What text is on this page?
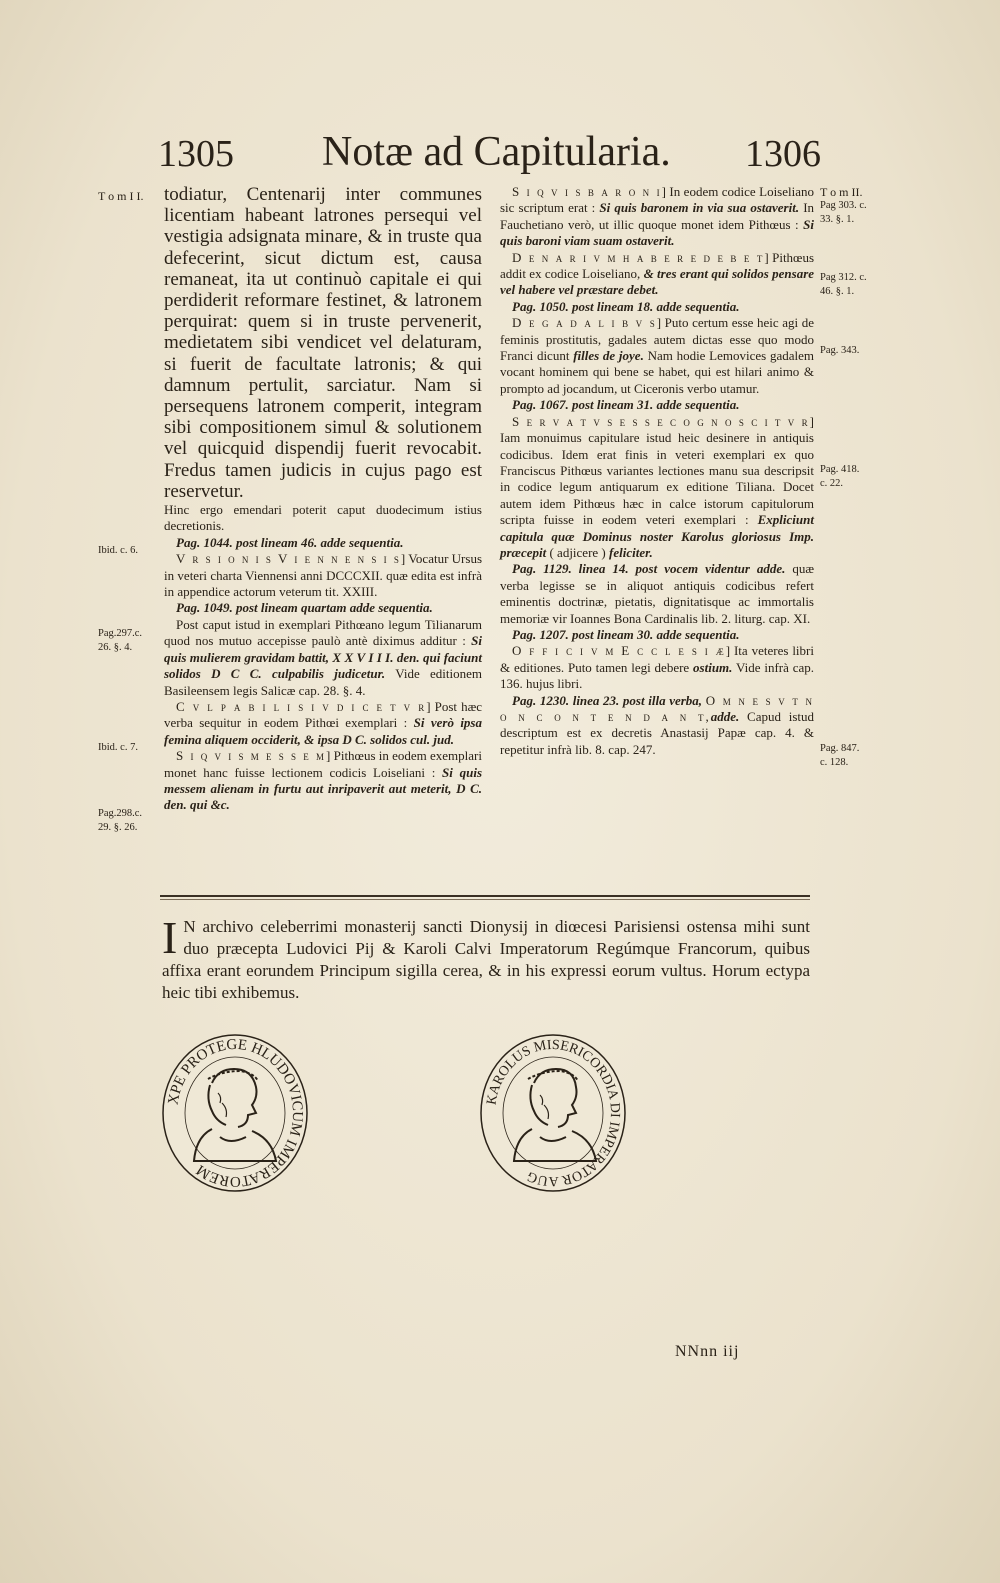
1305 Notæ ad Capitularia. 1306
T o m I I.
Ibid. c. 6.
Pag.297.c.
26. §. 4.
Ibid. c. 7.
Pag.298.c.
29. §. 26.
T o m II.
Pag 303. c.
33. §. 1.
Pag 312. c.
46. §. 1.
Pag. 343.
Pag. 418.
c. 22.
Pag. 847.
c. 128.

todiatur, Centenarij inter communes licentiam habeant latrones persequi vel vestigia adsignata minare, & in truste qua defecerint, sicut dictum est, causa remaneat, ita ut continuò capitale ei qui perdiderit reformare festinet, & latronem perquirat: quem si in truste pervenerit, medietatem sibi vendicet vel delaturam, si fuerit de facultate latronis; & qui damnum pertulit, sarciatur. Nam si persequens latronem comperit, integram sibi compositionem simul & solutionem vel quicquid dispendij fuerit revocabit. Fredus tamen judicis in cujus pago est reservetur.

Hinc ergo emendari poterit caput duodecimum istius decretionis.

Pag. 1044. post lineam 46. adde sequentia.

V r s i o n i s V i e n n e n s i s] Vocatur Ursus in veteri charta Viennensi anni DCCCXII. quæ edita est infrà in appendice actorum veterum tit. XXIII.

Pag. 1049. post lineam quartam adde sequentia.

Post caput istud in exemplari Pithœano legum Tilianarum quod nos mutuo accepisse paulò antè diximus additur : Si quis mulierem gravidam battit, X X V I I I. den. qui faciunt solidos D C C. culpabilis judicetur. Vide editionem Basileensem legis Salicæ cap. 28. §. 4.

C v l p a b i l i s i v d i c e t v r] Post hæc verba sequitur in eodem Pithœi exemplari : Si verò ipsa femina aliquem occiderit, & ipsa D C. solidos cul. jud.

S i q v i s m e s s e m] Pithœus in eodem exemplari monet hanc fuisse lectionem codicis Loiseliani : Si quis messem alienam in furtu aut inripaverit aut meterit, D C. den. qui &c.

S i q v i s b a r o n i] In eodem codice Loiseliano sic scriptum erat : Si quis baronem in via sua ostaverit. In Fauchetiano verò, ut illic quoque monet idem Pithœus : Si quis baroni viam suam ostaverit.

D e n a r i v m h a b e r e d e b e t] Pithœus addit ex codice Loiseliano, & tres erant qui solidos pensare vel habere vel præstare debet.

Pag. 1050. post lineam 18. adde sequentia.

D e g a d a l i b v s] Puto certum esse heic agi de feminis prostitutis, gadales autem dictas esse quo modo Franci dicunt filles de joye. Nam hodie Lemovices gadalem vocant hominem qui bene se habet, qui est hilari animo & prompto ad jocandum, ut Ciceronis verbo utamur.

Pag. 1067. post lineam 31. adde sequentia.

S e r v a t v s e s s e c o g n o s c i t v r] Iam monuimus capitulare istud heic desinere in antiquis codicibus. Idem erat finis in veteri exemplari ex quo Franciscus Pithœus variantes lectiones manu sua descripsit in codice legum antiquarum ex editione Tiliana. Docet autem idem Pithœus hæc in calce istorum capitulorum scripta fuisse in eodem veteri exemplari : Expliciunt capitula quæ Dominus noster Karolus gloriosus Imp. præcepit ( adjicere ) feliciter.

Pag. 1129. linea 14. post vocem videntur adde. quæ verba legisse se in aliquot antiquis codicibus refert eminentis doctrinæ, pietatis, dignitatisque ac immortalis memoriæ vir Ioannes Bona Cardinalis lib. 2. liturg. cap. XI.

Pag. 1207. post lineam 30. adde sequentia.

O f f i c i v m E c c l e s i æ] Ita veteres libri & editiones. Puto tamen legi debere ostium. Vide infrà cap. 136. hujus libri.

Pag. 1230. linea 23. post illa verba, O m n e s v t n o n c o n t e n d a n t,adde. Capud istud descriptum est ex decretis Anastasij Papæ cap. 4. & repetitur infrà lib. 8. cap. 247.

I N archivo celeberrimi monasterij sancti Dionysij in diœcesi Parisiensi ostensa mihi sunt duo præcepta Ludovici Pij & Karoli Calvi Imperatorum Regúmque Francorum, quibus affixa erant eorundem Principum sigilla cerea, & in his expressi eorum vultus. Horum ectypa heic tibi exhibemus.
XPE PROTEGE HLUDOVICUM IMPERATOREM
KAROLUS MISERICORDIA DI IMPERATOR AUG
NNnn iij
